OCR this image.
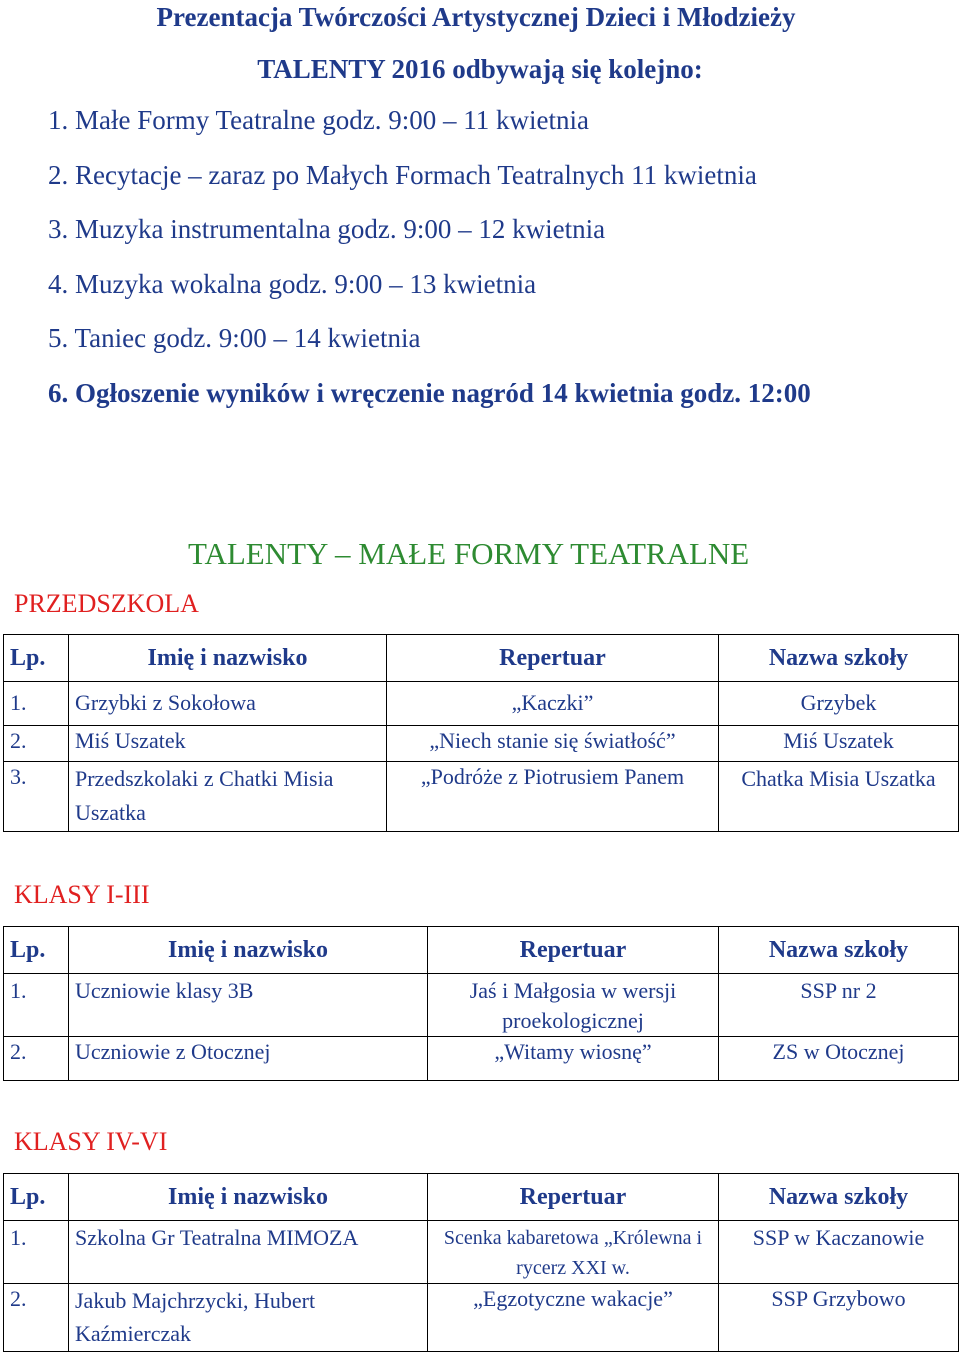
Prezentacja Twórczości Artystycznej Dzieci i Młodzieży
TALENTY 2016 odbywają się kolejno:
1. Małe Formy Teatralne godz. 9:00 – 11 kwietnia
2. Recytacje – zaraz po Małych Formach Teatralnych 11 kwietnia
3. Muzyka instrumentalna godz. 9:00 – 12 kwietnia
4. Muzyka wokalna godz. 9:00 – 13 kwietnia
5. Taniec godz. 9:00 – 14 kwietnia
6. Ogłoszenie wyników i wręczenie nagród 14 kwietnia godz. 12:00
TALENTY – MAŁE FORMY TEATRALNE
PRZEDSZKOLA
Lp.	Imię i nazwisko	Repertuar	Nazwa szkoły
1.	Grzybki z Sokołowa	„Kaczki”	Grzybek
2.	Miś Uszatek	„Niech stanie się światłość”	Miś Uszatek
3.	Przedszkolaki z Chatki Misia Uszatka	„Podróże z Piotrusiem Panem	Chatka Misia Uszatka
KLASY I-III
Lp.	Imię i nazwisko	Repertuar	Nazwa szkoły
1.	Uczniowie klasy 3B	Jaś i Małgosia w wersji proekologicznej	SSP nr 2
2.	Uczniowie z Otocznej	„Witamy wiosnę”	ZS w Otocznej
KLASY IV-VI
Lp.	Imię i nazwisko	Repertuar	Nazwa szkoły
1.	Szkolna Gr Teatralna MIMOZA	Scenka kabaretowa „Królewna i rycerz XXI w.	SSP w Kaczanowie
2.	Jakub Majchrzycki, Hubert Kaźmierczak	„Egzotyczne wakacje”	SSP Grzybowo
